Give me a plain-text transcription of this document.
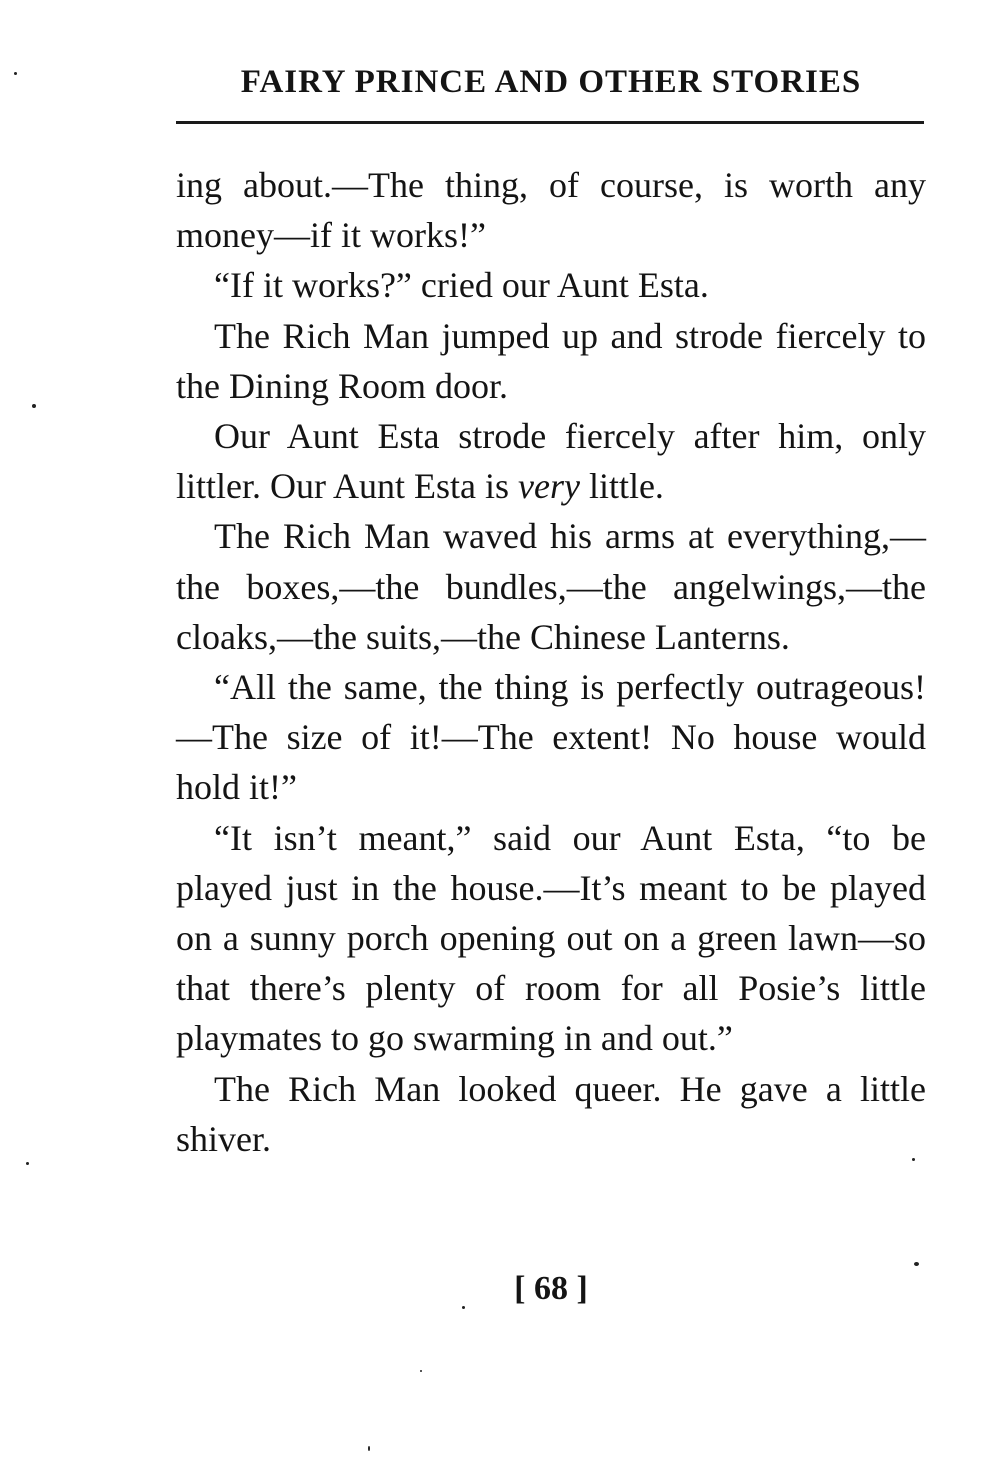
FAIRY PRINCE AND OTHER STORIES

ing about.—The thing, of course, is worth any money—if it works!”

“If it works?” cried our Aunt Esta.

The Rich Man jumped up and strode fiercely to the Dining Room door.

Our Aunt Esta strode fiercely after him, only littler. Our Aunt Esta is very little.

The Rich Man waved his arms at everything,—the boxes,—the bundles,—the angelwings,—the cloaks,—the suits,—the Chinese Lanterns.

“All the same, the thing is perfectly outrageous!—The size of it!—The extent! No house would hold it!”

“It isn’t meant,” said our Aunt Esta, “to be played just in the house.—It’s meant to be played on a sunny porch opening out on a green lawn—so that there’s plenty of room for all Posie’s little playmates to go swarming in and out.”

The Rich Man looked queer. He gave a little shiver.

[ 68 ]
